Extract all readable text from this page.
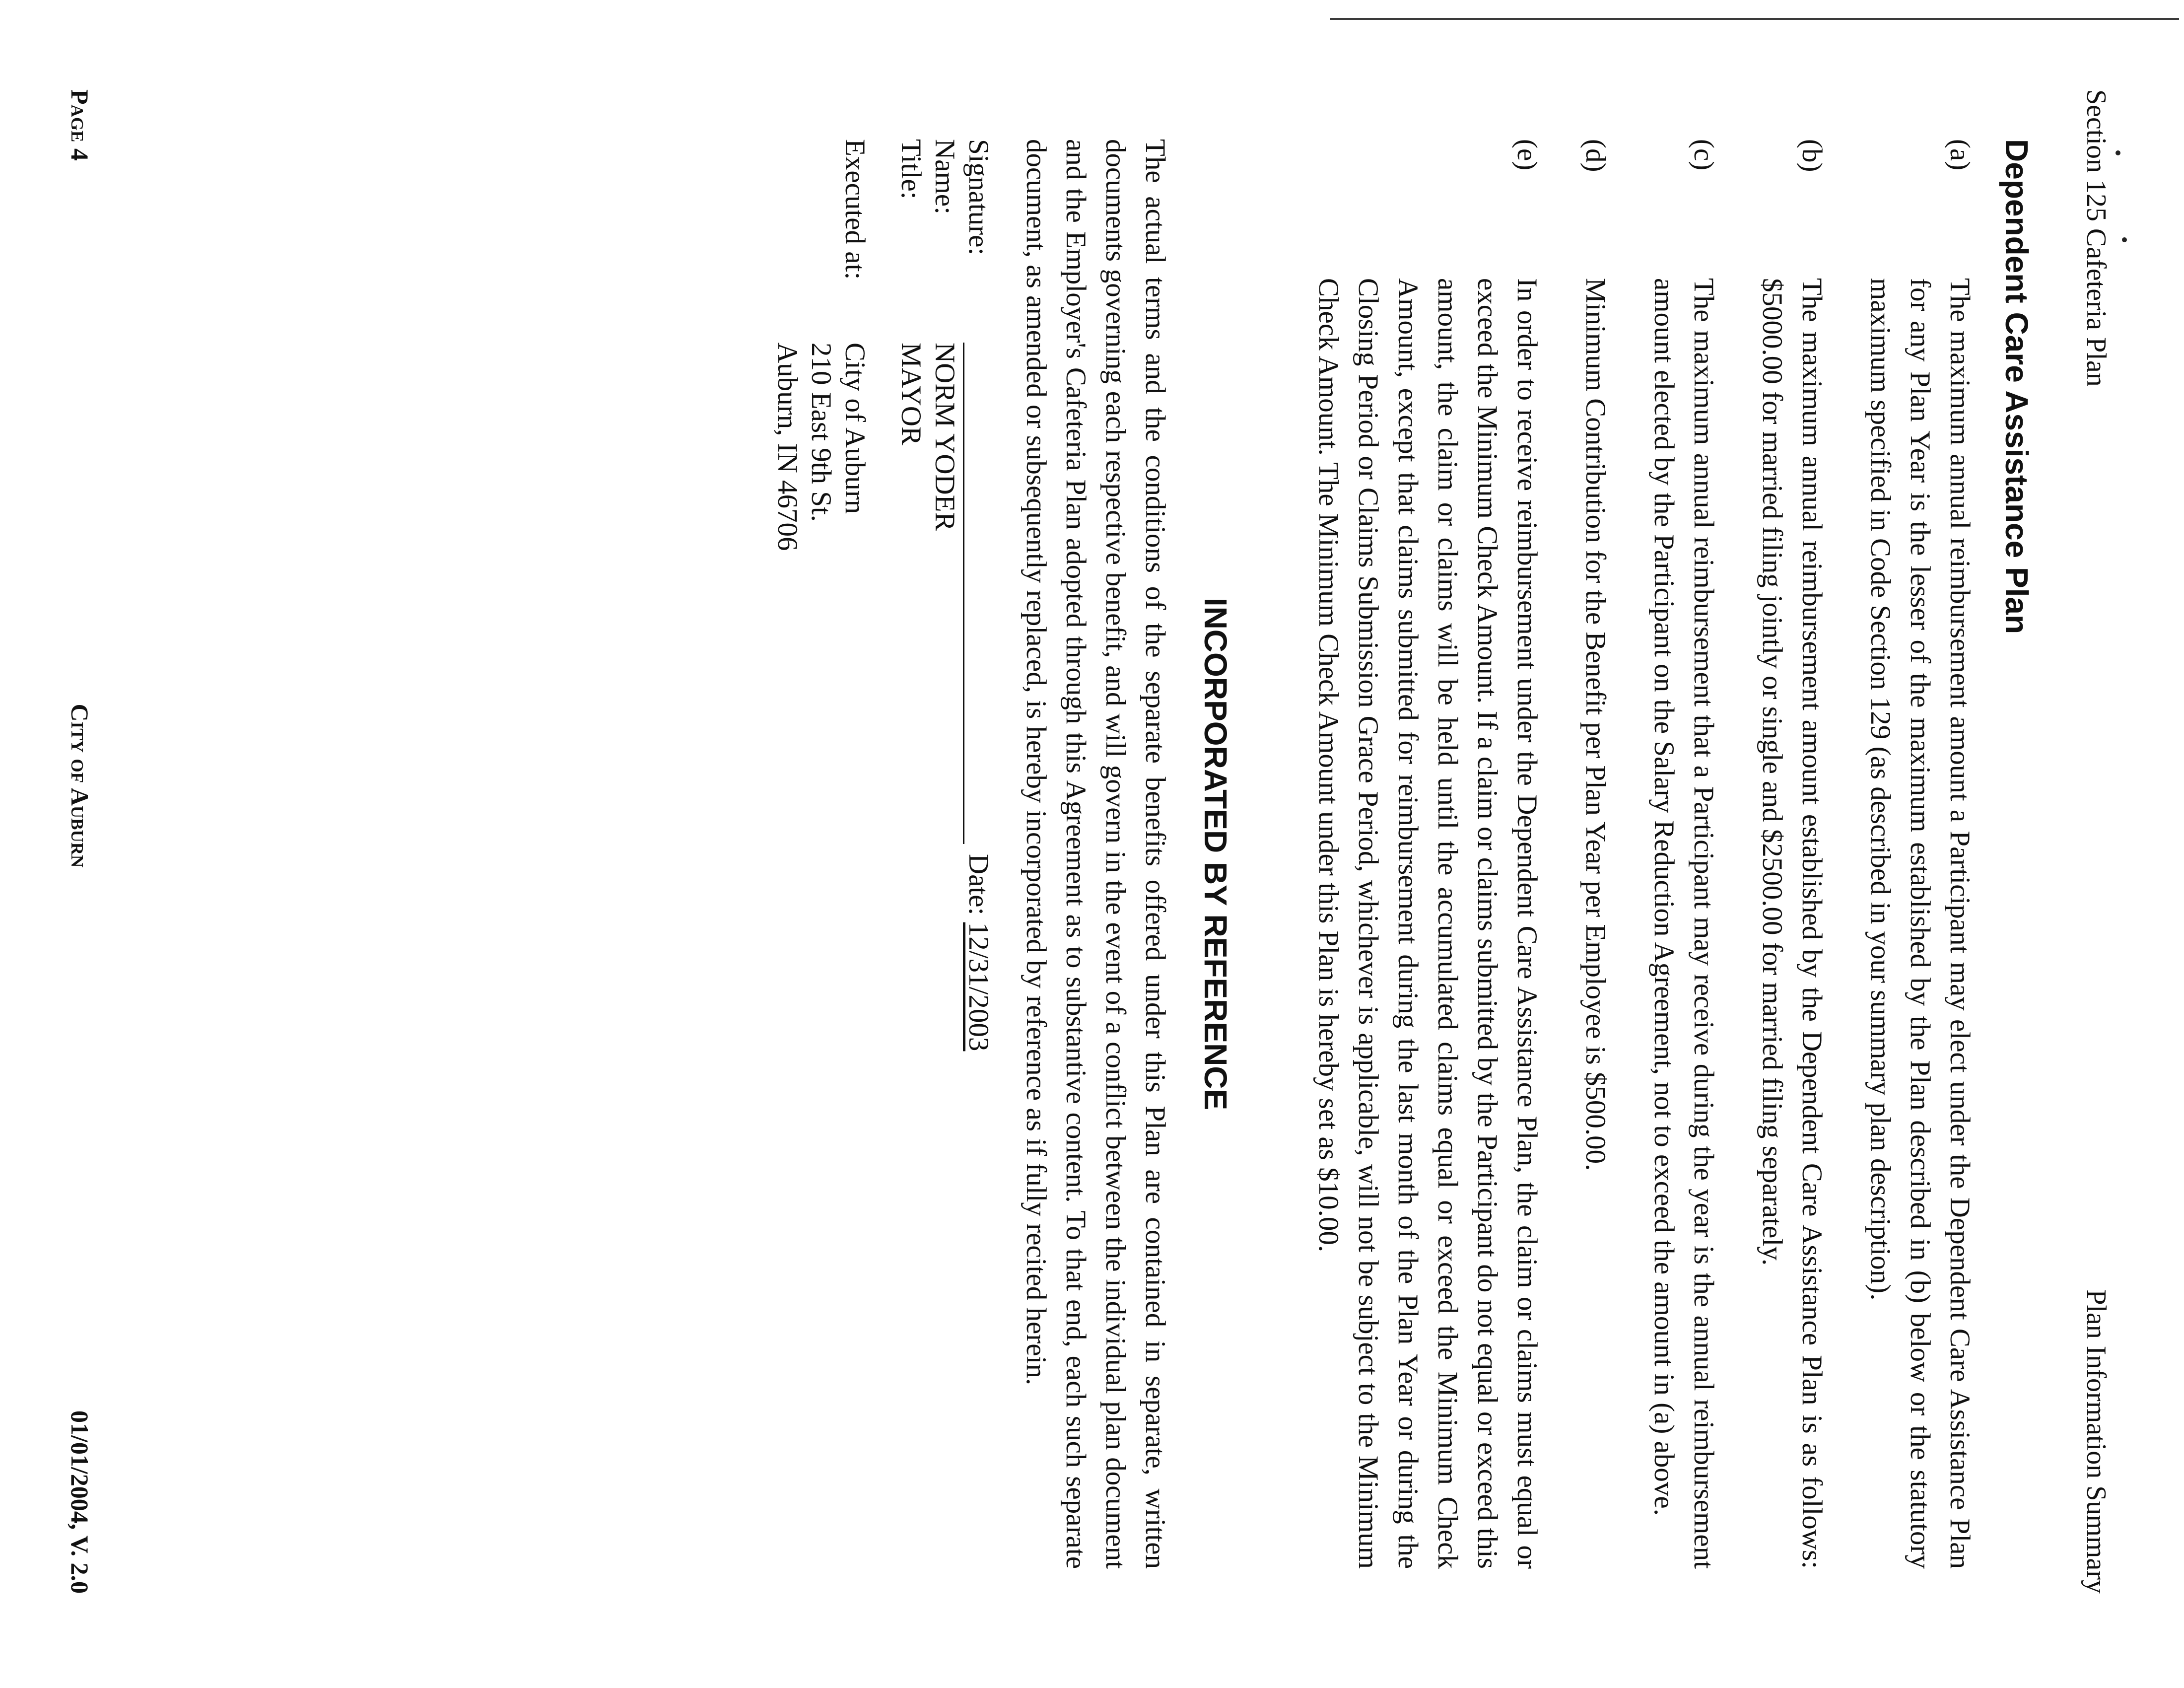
Section 125 Cafeteria Plan
Plan Information Summary
Dependent Care Assistance Plan
(a)
The maximum annual reimbursement amount a Participant may elect under the Dependent Care Assistance Plan for any Plan Year is the lesser of the maximum established by the Plan described in (b) below or the statutory maximum specified in Code Section 129 (as described in your summary plan description).
(b)
The maximum annual reimbursement amount established by the Dependent Care Assistance Plan is as follows: $5000.00 for married filing jointly or single and $2500.00 for married filing separately.
(c)
The maximum annual reimbursement that a Participant may receive during the year is the annual reimbursement amount elected by the Participant on the Salary Reduction Agreement, not to exceed the amount in (a) above.
(d)
Minimum Contribution for the Benefit per Plan Year per Employee is $500.00.
(e)
In order to receive reimbursement under the Dependent Care Assistance Plan, the claim or claims must equal or exceed the Minimum Check Amount. If a claim or claims submitted by the Participant do not equal or exceed this amount, the claim or claims will be held until the accumulated claims equal or exceed the Minimum Check Amount, except that claims submitted for reimbursement during the last month of the Plan Year or during the Closing Period or Claims Submission Grace Period, whichever is applicable, will not be subject to the Minimum Check Amount. The Minimum Check Amount under this Plan is hereby set as $10.00.
INCORPORATED BY REFERENCE
The actual terms and the conditions of the separate benefits offered under this Plan are contained in separate, written documents governing each respective benefit, and will govern in the event of a conflict between the individual plan document and the Employer's Cafeteria Plan adopted through this Agreement as to substantive content. To that end, each such separate document, as amended or subsequently replaced, is hereby incorporated by reference as if fully recited herein.
Signature:
Date: 12/31/2003
Name:
NORM YODER
Title:
MAYOR
Executed at:
City of Auburn
210 East 9th St.
Auburn, IN 46706
Page 4
City of Auburn
01/01/2004, V. 2.0
